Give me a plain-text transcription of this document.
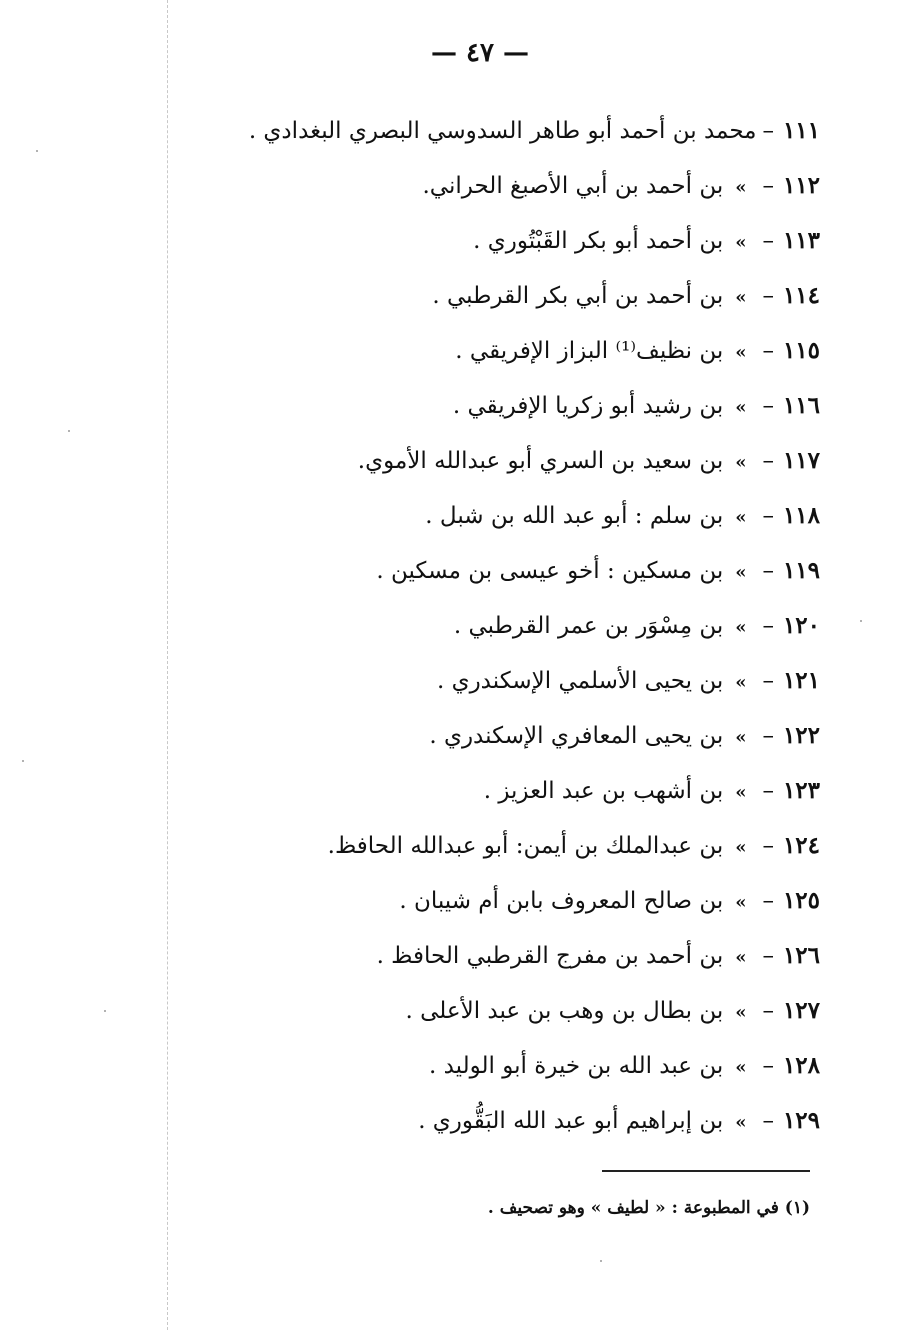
— ٤٧ —
١١١–محمد بن أحمد أبو طاهر السدوسي البصري البغدادي .
١١٢–»بن أحمد بن أبي الأصبغ الحراني.
١١٣–»بن أحمد أبو بكر القَبْتُوري .
١١٤–»بن أحمد بن أبي بكر القرطبي .
١١٥–»بن نظيف⁽¹⁾ البزاز الإفريقي .
١١٦–»بن رشيد أبو زكريا الإفريقي .
١١٧–»بن سعيد بن السري أبو عبدالله الأموي.
١١٨–»بن سلم : أبو عبد الله بن شبل .
١١٩–»بن مسكين : أخو عيسى بن مسكين .
١٢٠–»بن مِسْوَر بن عمر القرطبي .
١٢١–»بن يحيى الأسلمي الإسكندري .
١٢٢–»بن يحيى المعافري الإسكندري .
١٢٣–»بن أشهب بن عبد العزيز .
١٢٤–»بن عبدالملك بن أيمن: أبو عبدالله الحافظ.
١٢٥–»بن صالح المعروف بابن أم شيبان .
١٢٦–»بن أحمد بن مفرج القرطبي الحافظ .
١٢٧–»بن بطال بن وهب بن عبد الأعلى .
١٢٨–»بن عبد الله بن خيرة أبو الوليد .
١٢٩–»بن إبراهيم أبو عبد الله البَقُّوري .
(١) في المطبوعة : « لطيف » وهو تصحيف .
